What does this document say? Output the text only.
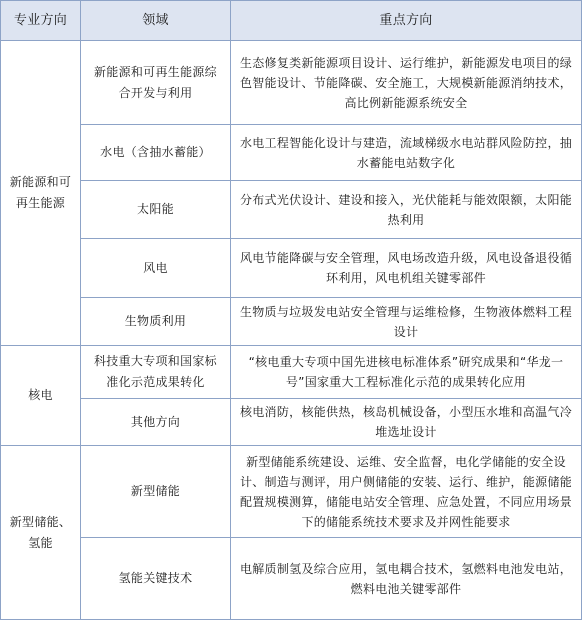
专业方向	领域	重点方向
新能源和可再生能源	新能源和可再生能源综合开发与利用	生态修复类新能源项目设计、运行维护，新能源发电项目的绿色智能设计、节能降碳、安全施工，大规模新能源消纳技术，高比例新能源系统安全
	水电（含抽水蓄能）	水电工程智能化设计与建造，流域梯级水电站群风险防控，抽水蓄能电站数字化
	太阳能	分布式光伏设计、建设和接入，光伏能耗与能效限额，太阳能热利用
	风电	风电节能降碳与安全管理，风电场改造升级，风电设备退役循环利用，风电机组关键零部件
	生物质利用	生物质与垃圾发电站安全管理与运维检修，生物液体燃料工程设计
核电	科技重大专项和国家标准化示范成果转化	“核电重大专项中国先进核电标准体系”研究成果和“华龙一号”国家重大工程标准化示范的成果转化应用
	其他方向	核电消防，核能供热，核岛机械设备，小型压水堆和高温气冷堆选址设计
新型储能、氢能	新型储能	新型储能系统建设、运维、安全监督，电化学储能的安全设计、制造与测评，用户侧储能的安装、运行、维护，能源储能配置规模测算，储能电站安全管理、应急处置，不同应用场景下的储能系统技术要求及并网性能要求
	氢能关键技术	电解质制氢及综合应用，氢电耦合技术，氢燃料电池发电站，燃料电池关键零部件
